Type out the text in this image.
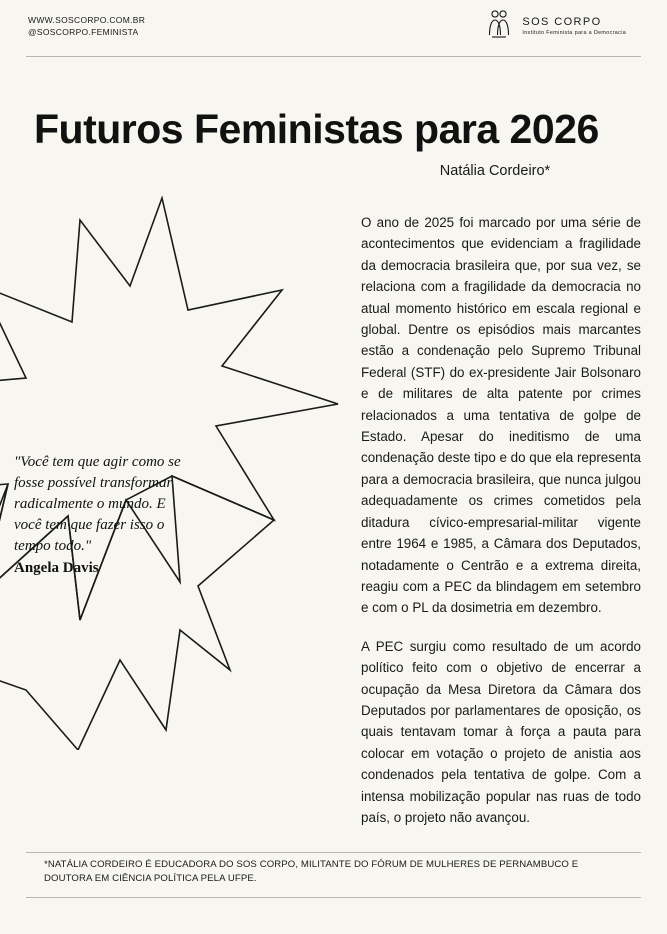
WWW.SOSCORPO.COM.BR
@SOSCORPO.FEMINISTA

SOS CORPO
Instituto Feminista para a Democracia
Futuros Feministas para 2026
Natália Cordeiro*
"Você tem que agir como se fosse possível transformar radicalmente o mundo. E você tem que fazer isso o tempo todo."
Angela Davis

O ano de 2025 foi marcado por uma série de acontecimentos que evidenciam a fragilidade da democracia brasileira que, por sua vez, se relaciona com a fragilidade da democracia no atual momento histórico em escala regional e global. Dentre os episódios mais marcantes estão a condenação pelo Supremo Tribunal Federal (STF) do ex-presidente Jair Bolsonaro e de militares de alta patente por crimes relacionados a uma tentativa de golpe de Estado. Apesar do ineditismo de uma condenação deste tipo e do que ela representa para a democracia brasileira, que nunca julgou adequadamente os crimes cometidos pela ditadura cívico-empresarial-militar vigente entre 1964 e 1985, a Câmara dos Deputados, notadamente o Centrão e a extrema direita, reagiu com a PEC da blindagem em setembro e com o PL da dosimetria em dezembro.

A PEC surgiu como resultado de um acordo político feito com o objetivo de encerrar a ocupação da Mesa Diretora da Câmara dos Deputados por parlamentares de oposição, os quais tentavam tomar à força a pauta para colocar em votação o projeto de anistia aos condenados pela tentativa de golpe. Com a intensa mobilização popular nas ruas de todo país, o projeto não avançou.

*NATÁLIA CORDEIRO É EDUCADORA DO SOS CORPO, MILITANTE DO FÓRUM DE MULHERES DE PERNAMBUCO E DOUTORA EM CIÊNCIA POLÍTICA PELA UFPE.
